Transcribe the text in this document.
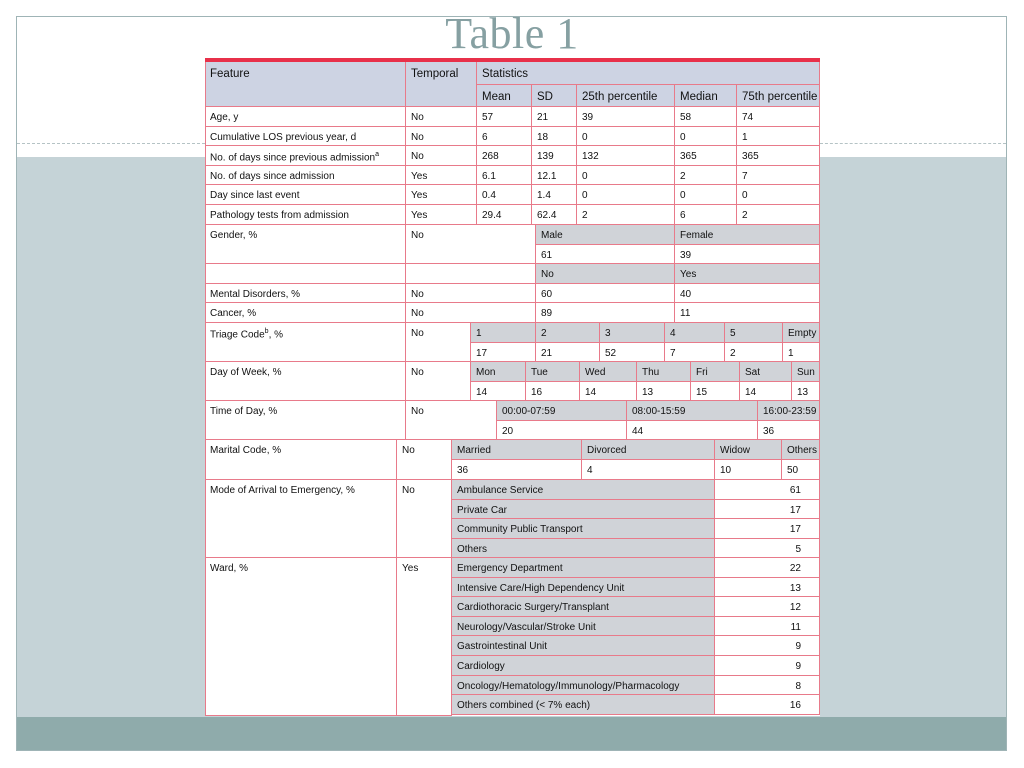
Table 1
Feature	Temporal	Statistics
Mean	SD	25th percentile	Median	75th percentile
Age, y	No	57	21	39	58	74
Cumulative LOS previous year, d	No	6	18	0	0	1
No. of days since previous admission$^a$	No	268	139	132	365	365
No. of days since admission	Yes	6.1	12.1	0	2	7
Day since last event	Yes	0.4	1.4	0	0	0
Pathology tests from admission	Yes	29.4	62.4	2	6	2
Gender, %	No	Male	Female
61	39
No	Yes
Mental Disorders, %	No	60	40
Cancer, %	No	89	11
Triage Code$^b$, %	No	1	2	3	4	5	Empty
17	21	52	7	2	1
Day of Week, %	No	Mon	Tue	Wed	Thu	Fri	Sat	Sun
14	16	14	13	15	14	13
Time of Day, %	No	00:00-07:59	08:00-15:59	16:00-23:59
20	44	36
Marital Code, %	No	Married	Divorced	Widow	Others
36	4	10	50
Mode of Arrival to Emergency, %	No	Ambulance Service	61
Private Car	17
Community Public Transport	17
Others	5
Ward, %	Yes	Emergency Department	22
Intensive Care/High Dependency Unit	13
Cardiothoracic Surgery/Transplant	12
Neurology/Vascular/Stroke Unit	11
Gastrointestinal Unit	9
Cardiology	9
Oncology/Hematology/Immunology/Pharmacology	8
Others combined (< 7% each)	16
